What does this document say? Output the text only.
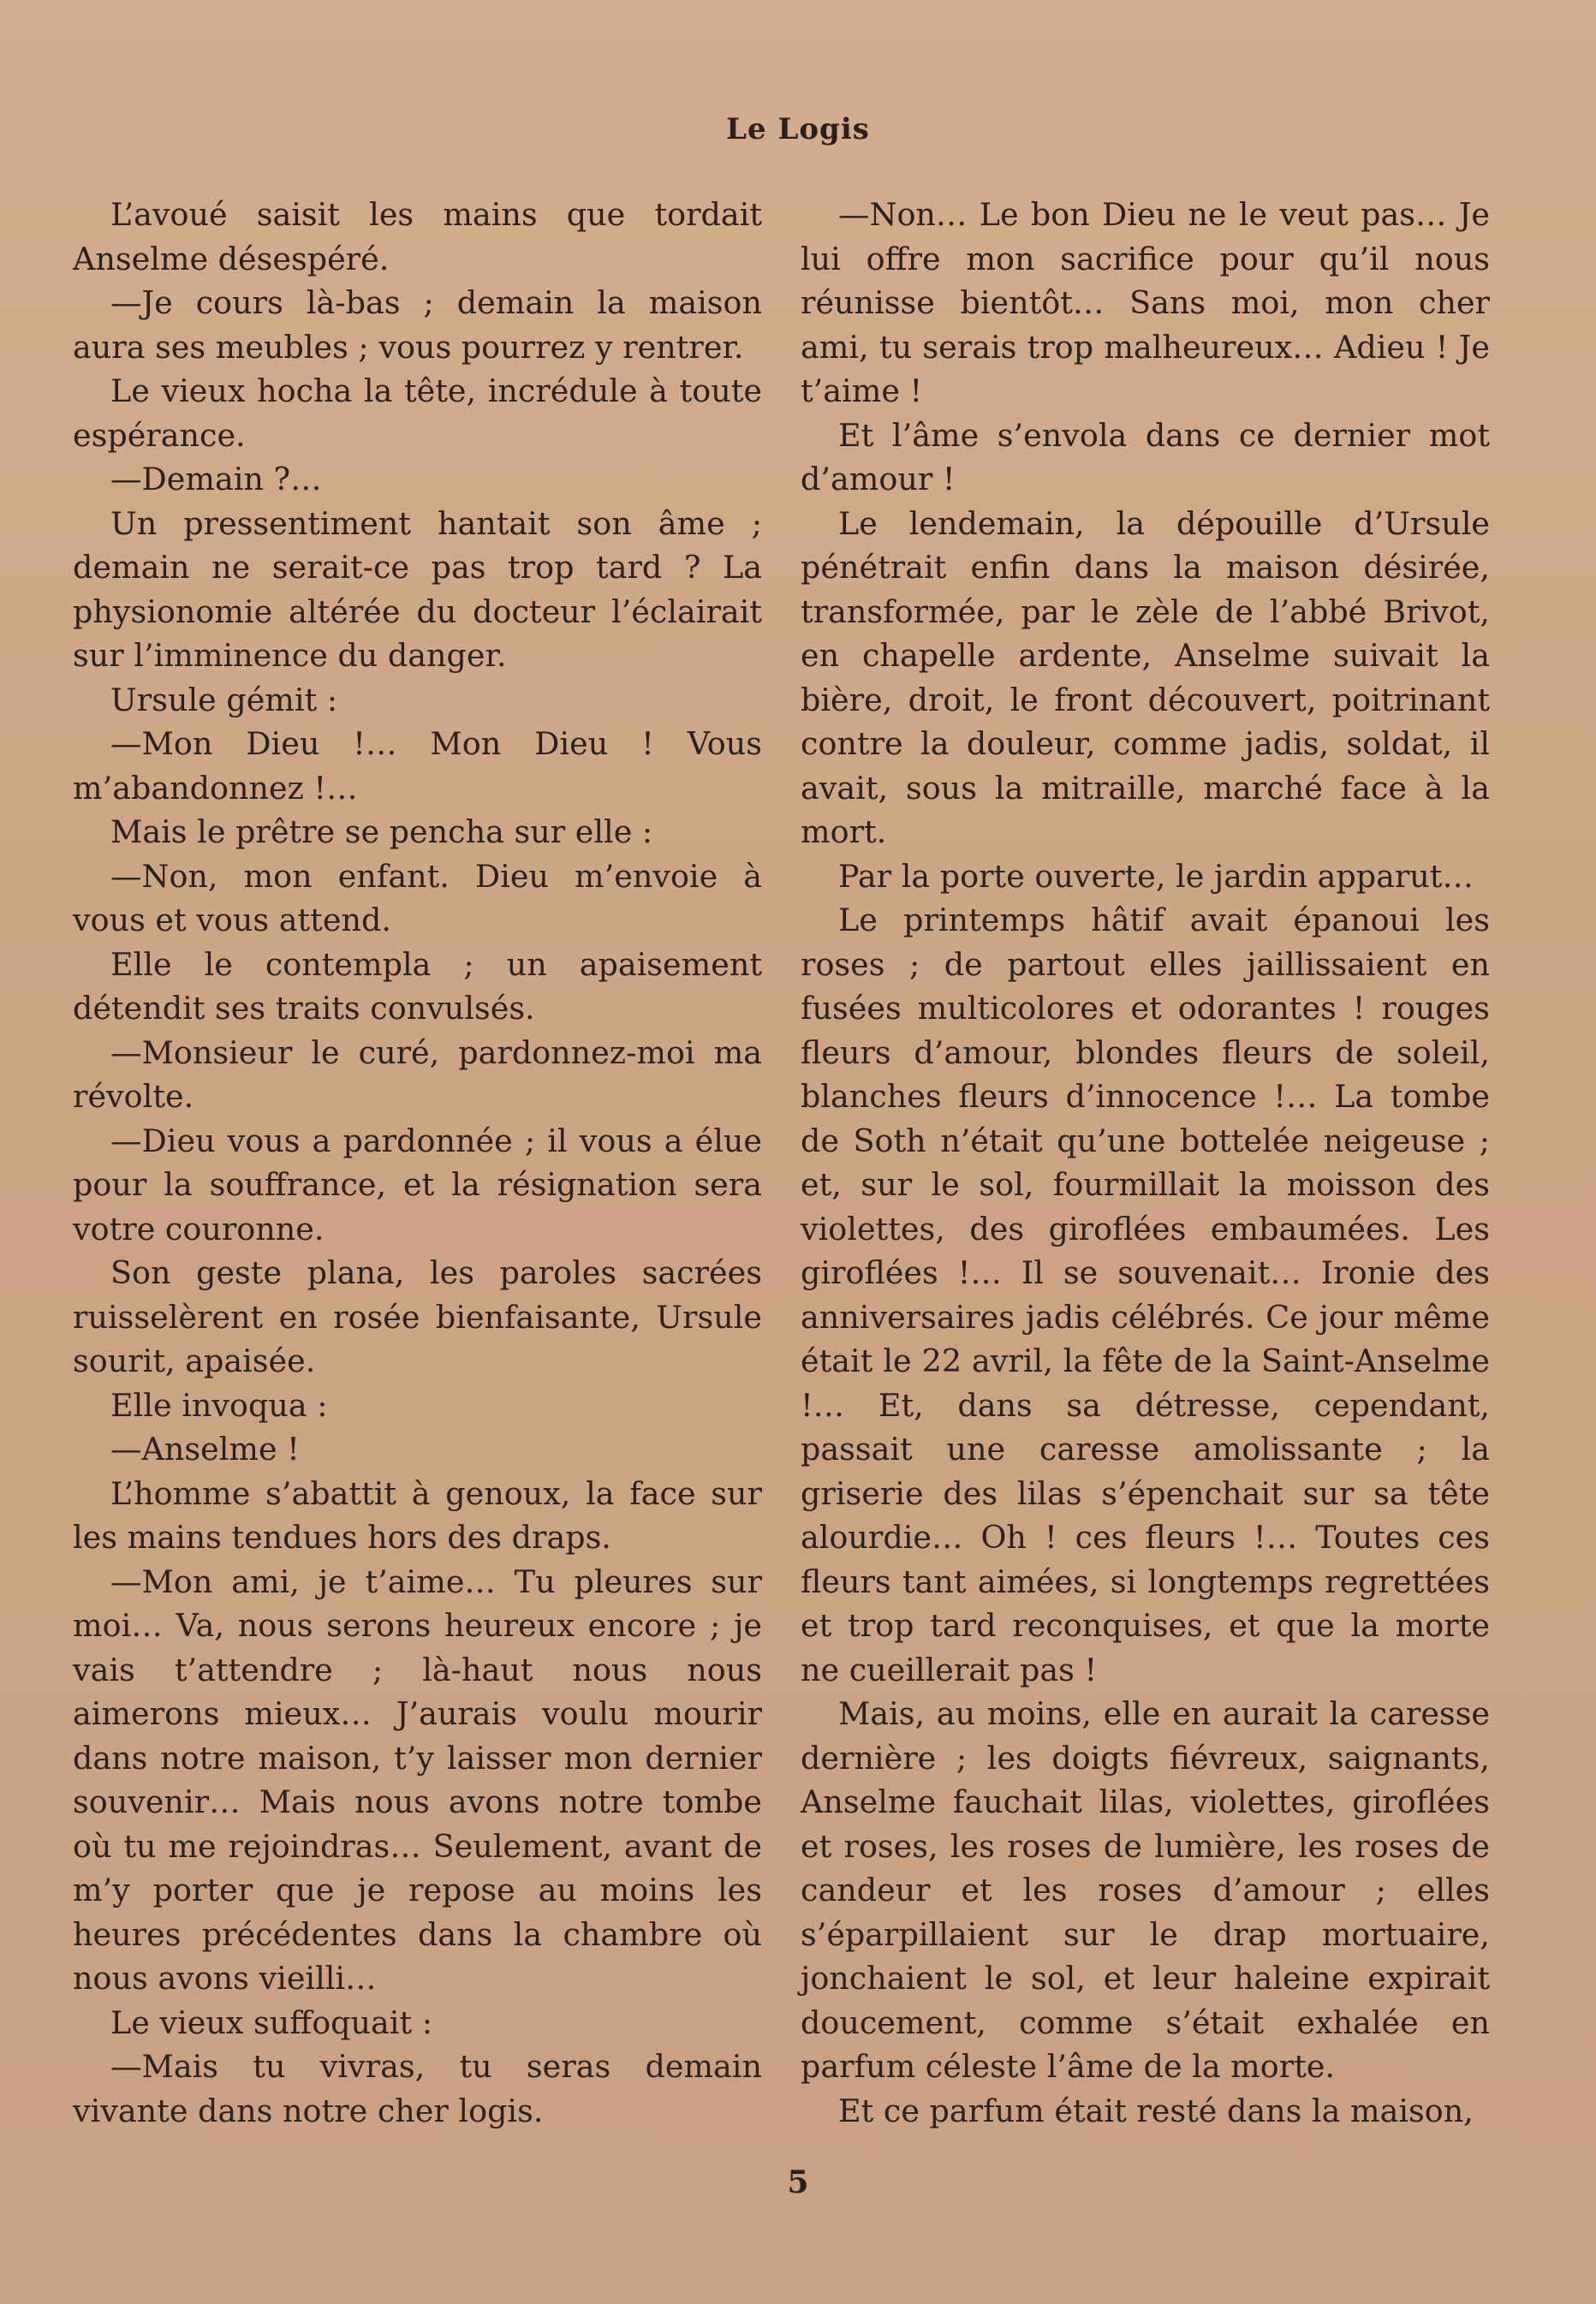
Le Logis

L’avoué saisit les mains que tordait Anselme désespéré.

—Je cours là-bas ; demain la maison aura ses meubles ; vous pourrez y rentrer.

Le vieux hocha la tête, incrédule à toute espérance.

—Demain ?…

Un pressentiment hantait son âme ; demain ne serait-ce pas trop tard ? La physionomie altérée du docteur l’éclairait sur l’imminence du danger.

Ursule gémit :

—Mon Dieu !… Mon Dieu ! Vous m’abandonnez !…

Mais le prêtre se pencha sur elle :

—Non, mon enfant. Dieu m’envoie à vous et vous attend.

Elle le contempla ; un apaisement détendit ses traits convulsés.

—Monsieur le curé, pardonnez-moi ma révolte.

—Dieu vous a pardonnée ; il vous a élue pour la souffrance, et la résignation sera votre couronne.

Son geste plana, les paroles sacrées ruisselèrent en rosée bienfaisante, Ursule sourit, apaisée.

Elle invoqua :

—Anselme !

L’homme s’abattit à genoux, la face sur les mains tendues hors des draps.

—Mon ami, je t’aime… Tu pleures sur moi… Va, nous serons heureux encore ; je vais t’attendre ; là-haut nous nous aimerons mieux… J’aurais voulu mourir dans notre maison, t’y laisser mon dernier souvenir… Mais nous avons notre tombe où tu me rejoindras… Seulement, avant de m’y porter que je repose au moins les heures précédentes dans la chambre où nous avons vieilli…

Le vieux suffoquait :

—Mais tu vivras, tu seras demain vivante dans notre cher logis.

—Non… Le bon Dieu ne le veut pas… Je lui offre mon sacrifice pour qu’il nous réunisse bientôt… Sans moi, mon cher ami, tu serais trop malheureux… Adieu ! Je t’aime !

Et l’âme s’envola dans ce dernier mot d’amour !

Le lendemain, la dépouille d’Ursule pénétrait enfin dans la maison désirée, transformée, par le zèle de l’abbé Brivot, en chapelle ardente, Anselme suivait la bière, droit, le front découvert, poitrinant contre la douleur, comme jadis, soldat, il avait, sous la mitraille, marché face à la mort.

Par la porte ouverte, le jardin apparut…

Le printemps hâtif avait épanoui les roses ; de partout elles jaillissaient en fusées multicolores et odorantes ! rouges fleurs d’amour, blondes fleurs de soleil, blanches fleurs d’innocence !… La tombe de Soth n’était qu’une bottelée neigeuse ; et, sur le sol, fourmillait la moisson des violettes, des giroflées embaumées. Les giroflées !… Il se souvenait… Ironie des anniversaires jadis célébrés. Ce jour même était le 22 avril, la fête de la Saint-Anselme !… Et, dans sa détresse, cependant, passait une caresse amolissante ; la griserie des lilas s’épenchait sur sa tête alourdie… Oh ! ces fleurs !… Toutes ces fleurs tant aimées, si longtemps regrettées et trop tard reconquises, et que la morte ne cueillerait pas !

Mais, au moins, elle en aurait la caresse dernière ; les doigts fiévreux, saignants, Anselme fauchait lilas, violettes, giroflées et roses, les roses de lumière, les roses de candeur et les roses d’amour ; elles s’éparpillaient sur le drap mortuaire, jonchaient le sol, et leur haleine expirait doucement, comme s’était exhalée en parfum céleste l’âme de la morte.

Et ce parfum était resté dans la maison,

5
